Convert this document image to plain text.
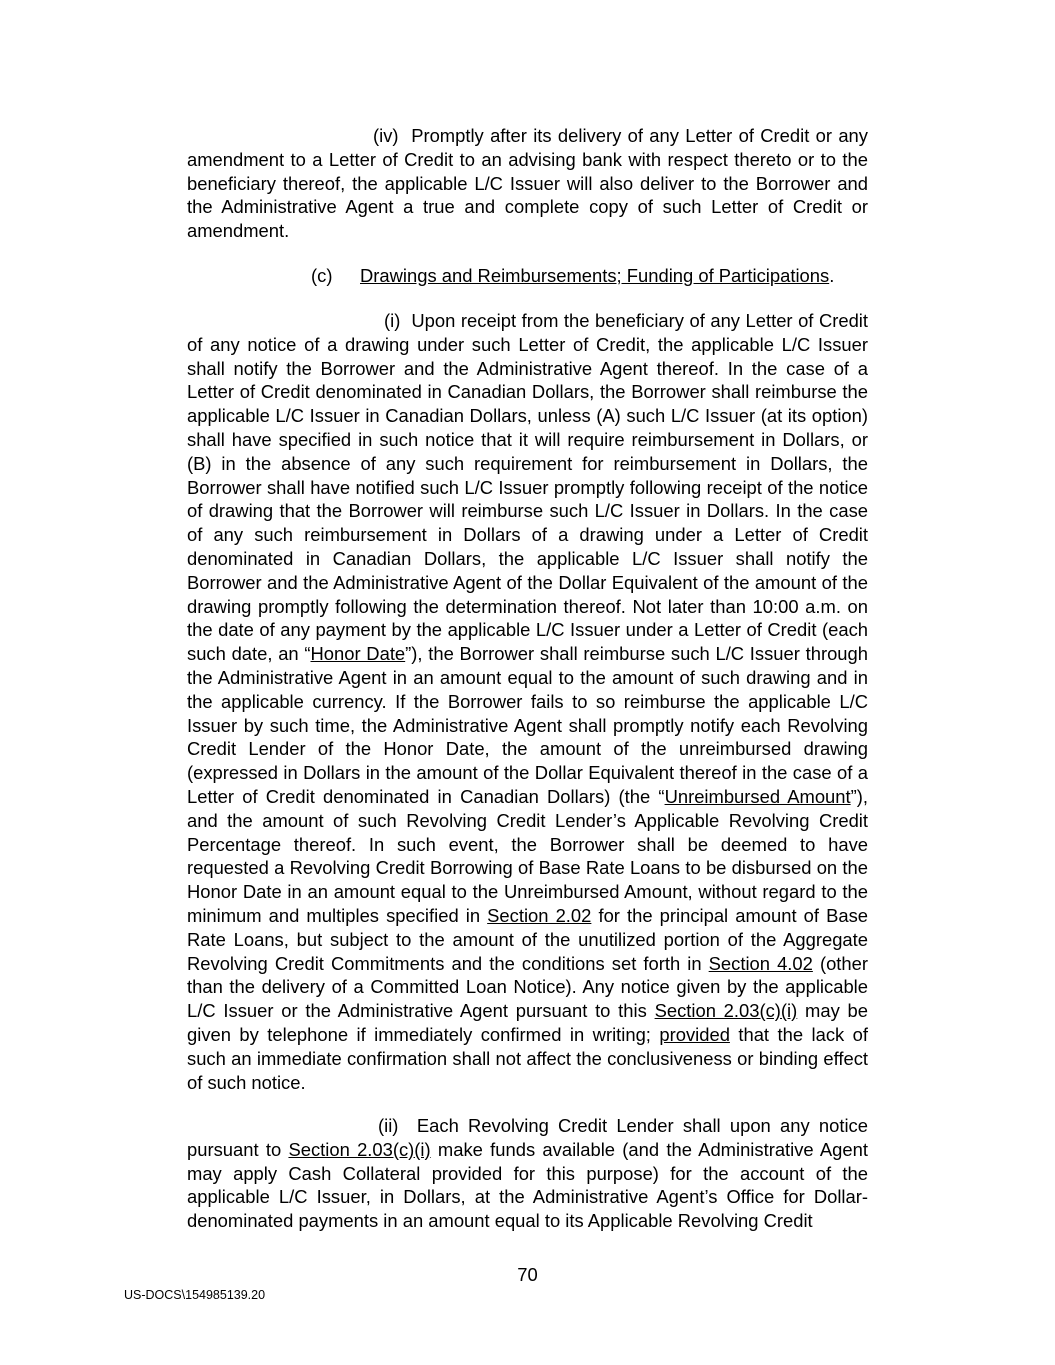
(iv) Promptly after its delivery of any Letter of Credit or any amendment to a Letter of Credit to an advising bank with respect thereto or to the beneficiary thereof, the applicable L/C Issuer will also deliver to the Borrower and the Administrative Agent a true and complete copy of such Letter of Credit or amendment.

(c) Drawings and Reimbursements; Funding of Participations.

(i) Upon receipt from the beneficiary of any Letter of Credit of any notice of a drawing under such Letter of Credit, the applicable L/C Issuer shall notify the Borrower and the Administrative Agent thereof. In the case of a Letter of Credit denominated in Canadian Dollars, the Borrower shall reimburse the applicable L/C Issuer in Canadian Dollars, unless (A) such L/C Issuer (at its option) shall have specified in such notice that it will require reimbursement in Dollars, or (B) in the absence of any such requirement for reimbursement in Dollars, the Borrower shall have notified such L/C Issuer promptly following receipt of the notice of drawing that the Borrower will reimburse such L/C Issuer in Dollars. In the case of any such reimbursement in Dollars of a drawing under a Letter of Credit denominated in Canadian Dollars, the applicable L/C Issuer shall notify the Borrower and the Administrative Agent of the Dollar Equivalent of the amount of the drawing promptly following the determination thereof. Not later than 10:00 a.m. on the date of any payment by the applicable L/C Issuer under a Letter of Credit (each such date, an “Honor Date”), the Borrower shall reimburse such L/C Issuer through the Administrative Agent in an amount equal to the amount of such drawing and in the applicable currency. If the Borrower fails to so reimburse the applicable L/C Issuer by such time, the Administrative Agent shall promptly notify each Revolving Credit Lender of the Honor Date, the amount of the unreimbursed drawing (expressed in Dollars in the amount of the Dollar Equivalent thereof in the case of a Letter of Credit denominated in Canadian Dollars) (the “Unreimbursed Amount”), and the amount of such Revolving Credit Lender’s Applicable Revolving Credit Percentage thereof. In such event, the Borrower shall be deemed to have requested a Revolving Credit Borrowing of Base Rate Loans to be disbursed on the Honor Date in an amount equal to the Unreimbursed Amount, without regard to the minimum and multiples specified in Section 2.02 for the principal amount of Base Rate Loans, but subject to the amount of the unutilized portion of the Aggregate Revolving Credit Commitments and the conditions set forth in Section 4.02 (other than the delivery of a Committed Loan Notice). Any notice given by the applicable L/C Issuer or the Administrative Agent pursuant to this Section 2.03(c)(i) may be given by telephone if immediately confirmed in writing; provided that the lack of such an immediate confirmation shall not affect the conclusiveness or binding effect of such notice.

(ii) Each Revolving Credit Lender shall upon any notice pursuant to Section 2.03(c)(i) make funds available (and the Administrative Agent may apply Cash Collateral provided for this purpose) for the account of the applicable L/C Issuer, in Dollars, at the Administrative Agent’s Office for Dollar-denominated payments in an amount equal to its Applicable Revolving Credit

70

US-DOCS\154985139.20
